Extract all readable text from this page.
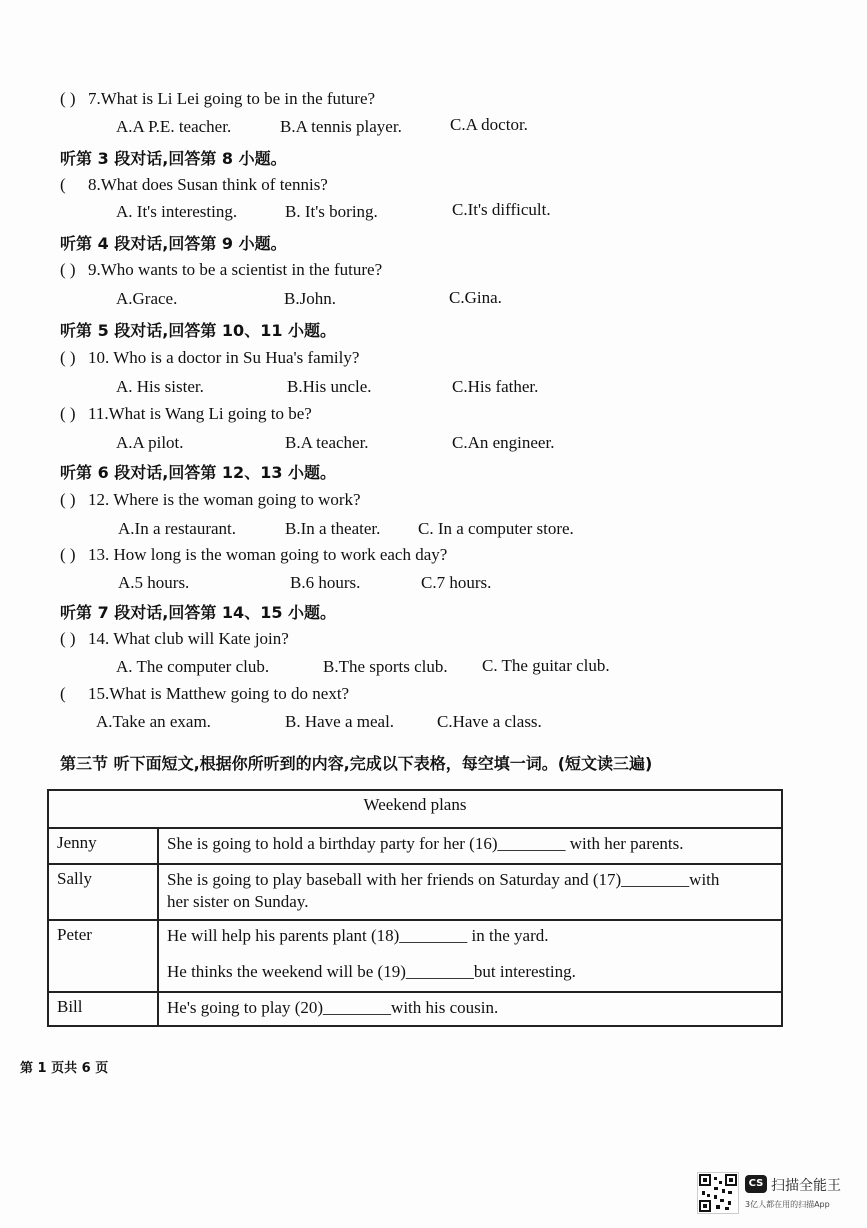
( ) 7.What is Li Lei going to be in the future?
A.A P.E. teacher.	B.A tennis player.	C.A doctor.
听第 3 段对话,回答第 8 小题。
(8.What does Susan think of tennis?
A. It's interesting.	B. It's boring.	C.It's difficult.
听第 4 段对话,回答第 9 小题。
( ) 9.Who wants to be a scientist in the future?
A.Grace.	B.John.	C.Gina.
听第 5 段对话,回答第 10、11 小题。
( ) 10. Who is a doctor in Su Hua's family?
A. His sister.	B.His uncle.	C.His father.
( ) 11.What is Wang Li going to be?
A.A pilot.	B.A teacher.	C.An engineer.
听第 6 段对话,回答第 12、13 小题。
( ) 12. Where is the woman going to work?
A.In a restaurant.	B.In a theater. C. In a computer store.
( ) 13. How long is the woman going to work each day?
A.5 hours.	B.6 hours.	C.7 hours.
听第 7 段对话,回答第 14、15 小题。
( ) 14. What club will Kate join?
A. The computer club.	B.The sports club. C. The guitar club.
(15.What is Matthew going to do next?
A.Take an exam.	B. Have a meal.	C.Have a class.
第三节 听下面短文,根据你所听到的内容,完成以下表格，每空填一词。(短文读三遍)
Weekend plans	
Jenny	She is going to hold a birthday party for her (16)________ with her parents.

Sally	She is going to play baseball with her friends on Saturday and (17)________with
her sister on Sunday.

Peter	He will help his parents plant (18)________ in the yard.
He thinks the weekend will be (19)________but interesting.

Bill	He's going to play (20)________with his cousin.
第 1 页共 6 页
CS 扫描全能王
3亿人都在用的扫描App
